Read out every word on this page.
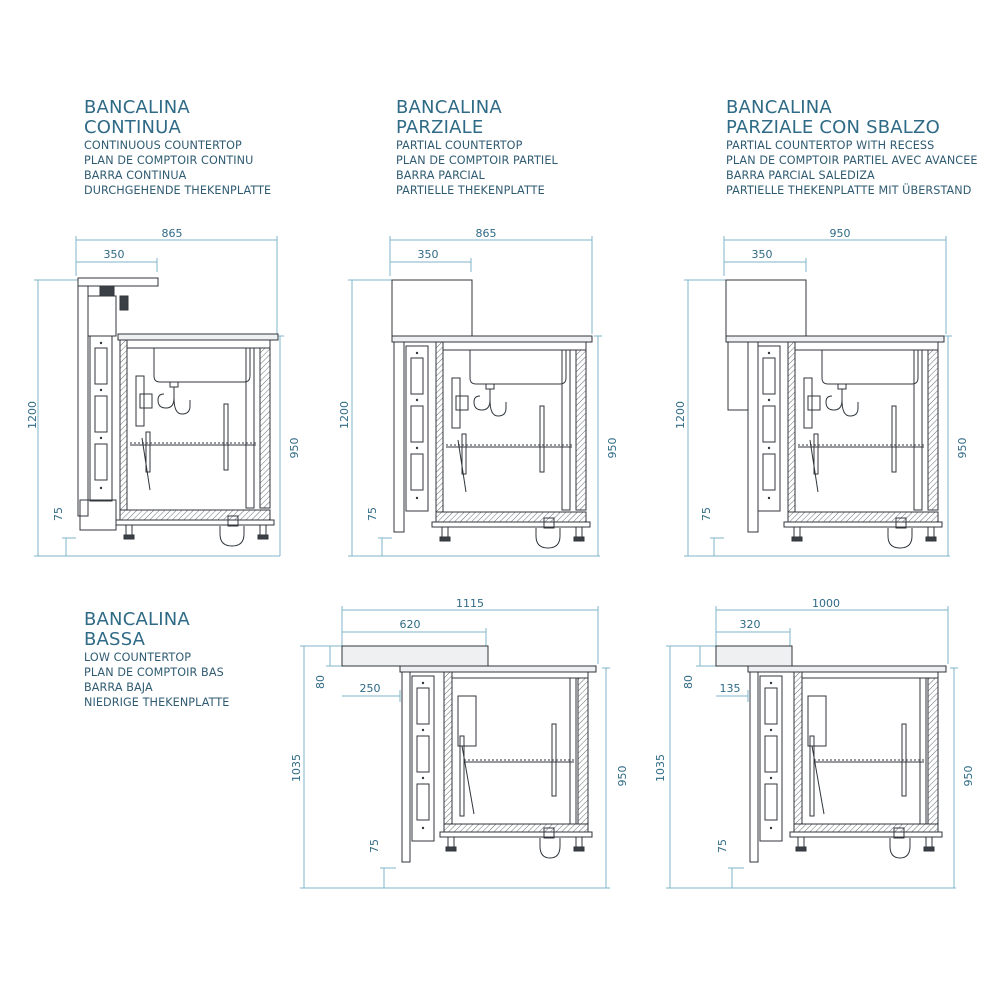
BANCALINA
CONTINUA
CONTINUOUS COUNTERTOP
PLAN DE COMPTOIR CONTINU
BARRA CONTINUA
DURCHGEHENDE THEKENPLATTE
BANCALINA
PARZIALE
PARTIAL COUNTERTOP
PLAN DE COMPTOIR PARTIEL
BARRA PARCIAL
PARTIELLE THEKENPLATTE
BANCALINA
PARZIALE CON SBALZO
PARTIAL COUNTERTOP WITH RECESS
PLAN DE COMPTOIR PARTIEL AVEC AVANCEE
BARRA PARCIAL SALEDIZA
PARTIELLE THEKENPLATTE MIT ÜBERSTAND
BANCALINA
BASSA
LOW COUNTERTOP
PLAN DE COMPTOIR BAS
BARRA BAJA
NIEDRIGE THEKENPLATTE
865
350
1200
950
75
865
350
1200
950
75
950
350
1200
950
75
1115
620
250
80
1035	950
75
1000
320
135
80
1035	950
75
